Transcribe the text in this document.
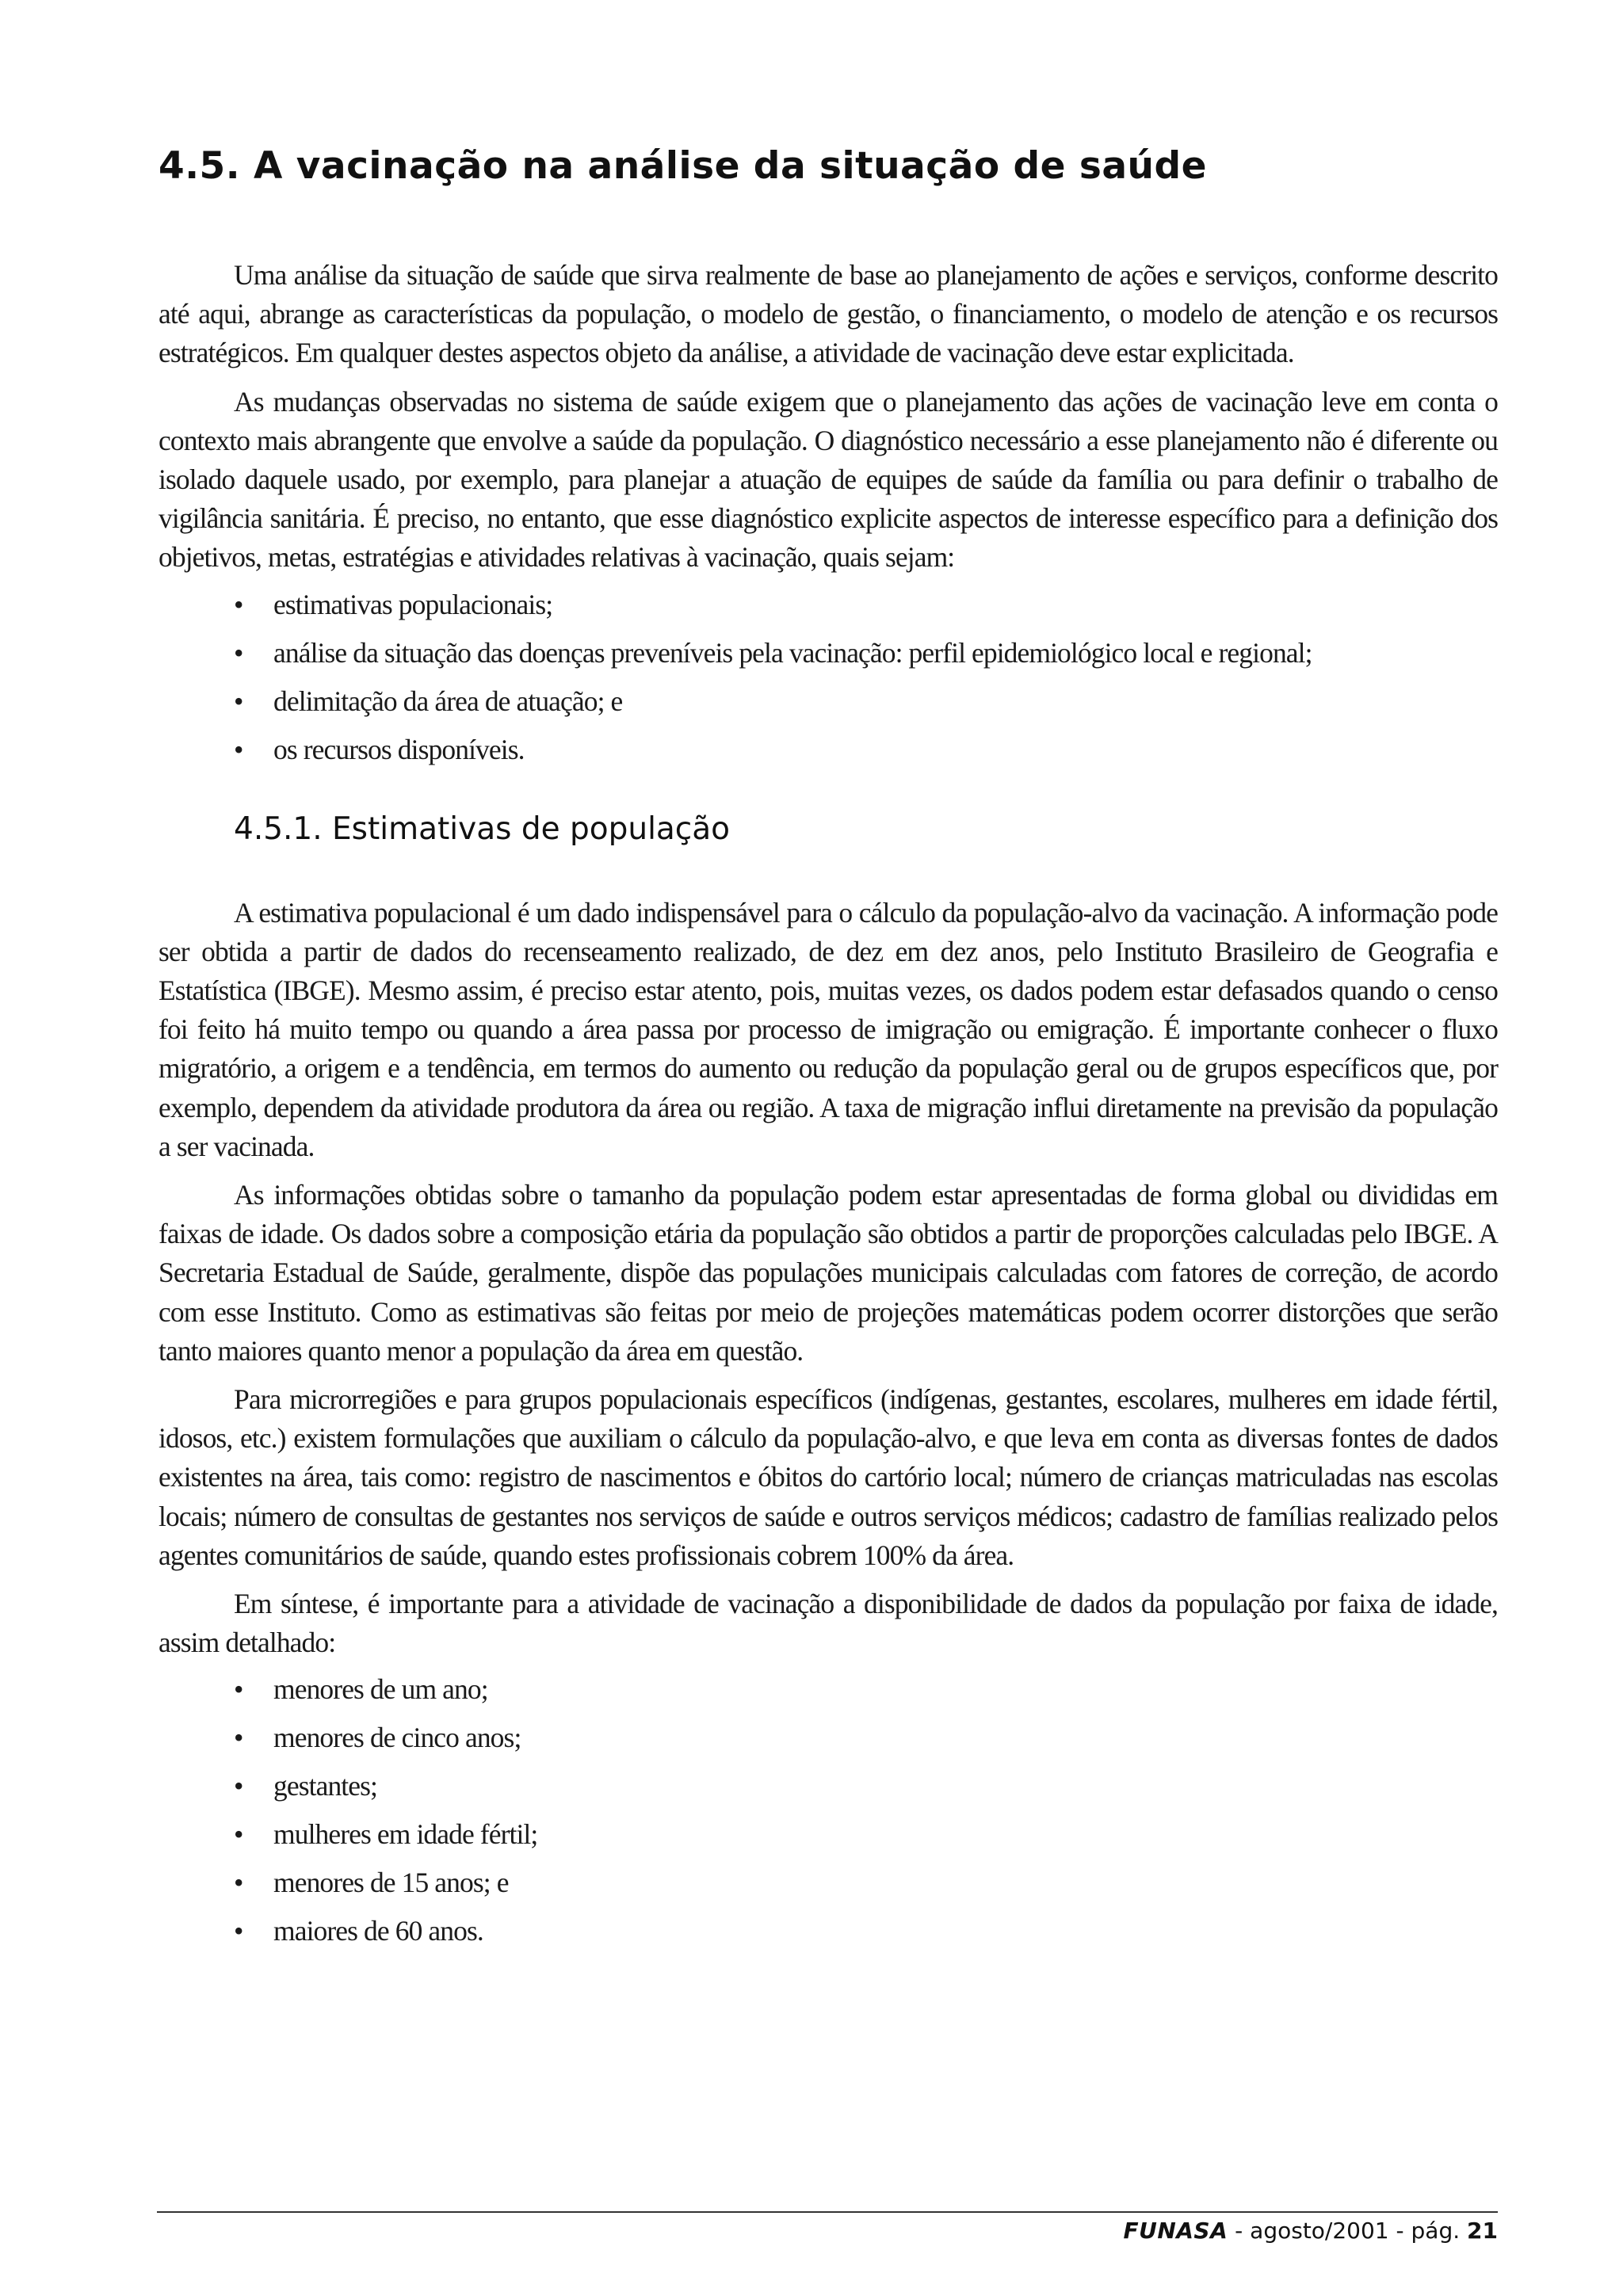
4.5. A vacinação na análise da situação de saúde

Uma análise da situação de saúde que sirva realmente de base ao planejamento de ações e serviços, conforme descrito até aqui, abrange as características da população, o modelo de gestão, o financiamento, o modelo de atenção e os recursos estratégicos. Em qualquer destes aspectos objeto da análise, a atividade de vacinação deve estar explicitada.

As mudanças observadas no sistema de saúde exigem que o planejamento das ações de vacinação leve em conta o contexto mais abrangente que envolve a saúde da população. O diagnóstico necessário a esse planejamento não é diferente ou isolado daquele usado, por exemplo, para planejar a atuação de equipes de saúde da família ou para definir o trabalho de vigilância sanitária. É preciso, no entanto, que esse diagnóstico explicite aspectos de interesse específico para a definição dos objetivos, metas, estratégias e atividades relativas à vacinação, quais sejam:

• estimativas populacionais;
• análise da situação das doenças preveníveis pela vacinação: perfil epidemiológico local e regional;
• delimitação da área de atuação; e
• os recursos disponíveis.
4.5.1. Estimativas de população

A estimativa populacional é um dado indispensável para o cálculo da população-alvo da vacinação. A informação pode ser obtida a partir de dados do recenseamento realizado, de dez em dez anos, pelo Instituto Brasileiro de Geografia e Estatística (IBGE). Mesmo assim, é preciso estar atento, pois, muitas vezes, os dados podem estar defasados quando o censo foi feito há muito tempo ou quando a área passa por processo de imigração ou emigração. É importante conhecer o fluxo migratório, a origem e a tendência, em termos do aumento ou redução da população geral ou de grupos específicos que, por exemplo, dependem da atividade produtora da área ou região. A taxa de migração influi diretamente na previsão da população a ser vacinada.

As informações obtidas sobre o tamanho da população podem estar apresentadas de forma global ou divididas em faixas de idade. Os dados sobre a composição etária da população são obtidos a partir de proporções calculadas pelo IBGE. A Secretaria Estadual de Saúde, geralmente, dispõe das populações municipais calculadas com fatores de correção, de acordo com esse Instituto. Como as estimativas são feitas por meio de projeções matemáticas podem ocorrer distorções que serão tanto maiores quanto menor a população da área em questão.

Para microrregiões e para grupos populacionais específicos (indígenas, gestantes, escolares, mulheres em idade fértil, idosos, etc.) existem formulações que auxiliam o cálculo da população-alvo, e que leva em conta as diversas fontes de dados existentes na área, tais como: registro de nascimentos e óbitos do cartório local; número de crianças matriculadas nas escolas locais; número de consultas de gestantes nos serviços de saúde e outros serviços médicos; cadastro de famílias realizado pelos agentes comunitários de saúde, quando estes profissionais cobrem 100% da área.

Em síntese, é importante para a atividade de vacinação a disponibilidade de dados da população por faixa de idade, assim detalhado:

• menores de um ano;
• menores de cinco anos;
• gestantes;
• mulheres em idade fértil;
• menores de 15 anos; e
• maiores de 60 anos.
FUNASA - agosto/2001 - pág. 21
